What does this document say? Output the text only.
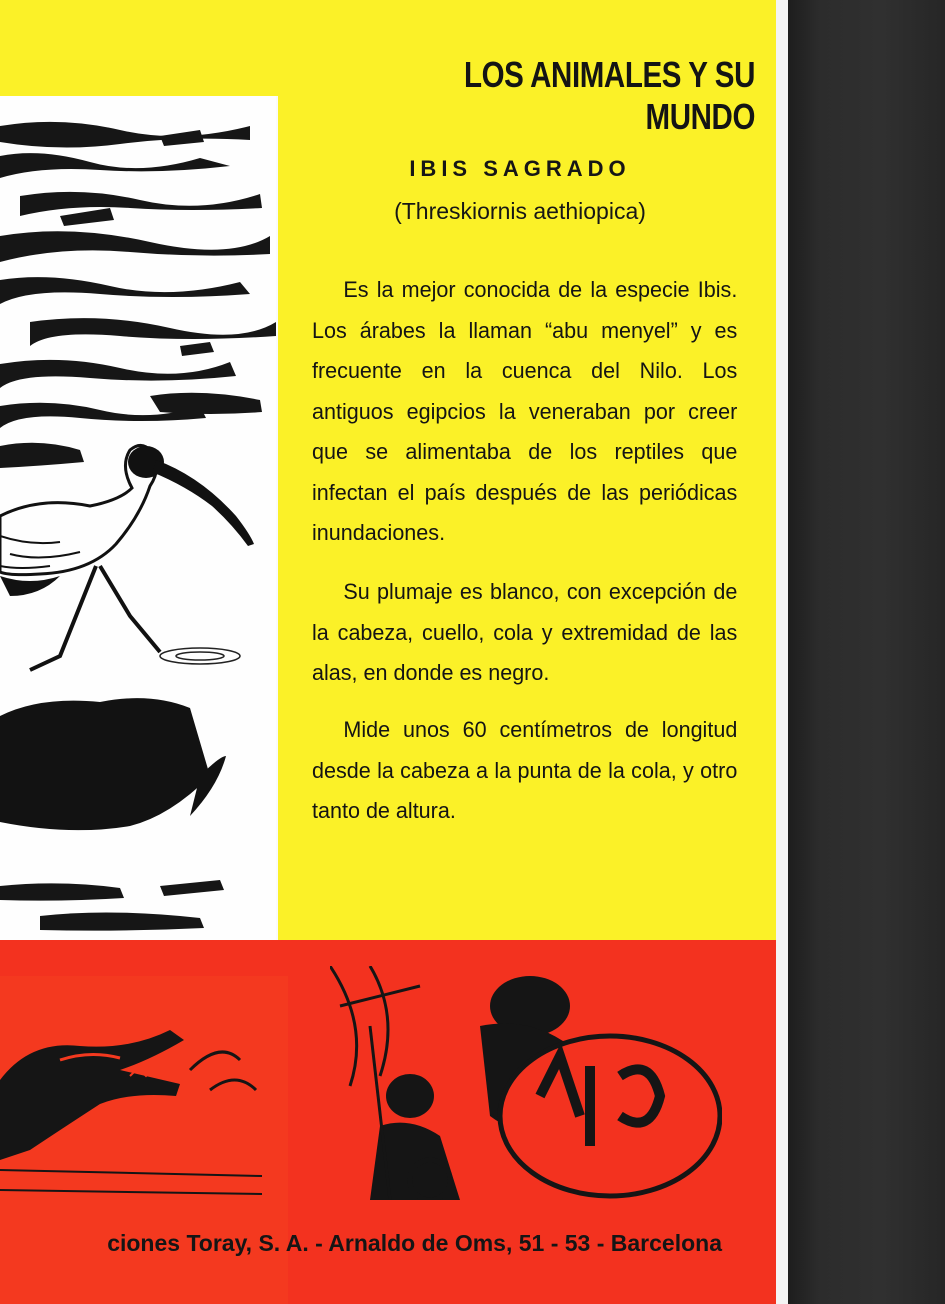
LOS ANIMALES Y SU MUNDO
IBIS SAGRADO
(Threskiornis aethiopica)

Es la mejor conocida de la especie Ibis. Los árabes la llaman “abu menyel” y es frecuente en la cuenca del Nilo. Los antiguos egipcios la veneraban por creer que se alimentaba de los reptiles que infectan el país después de las periódicas inundaciones.

Su plumaje es blanco, con excepción de la cabeza, cuello, cola y extremidad de las alas, en donde es negro.

Mide unos 60 centímetros de longitud desde la cabeza a la punta de la cola, y otro tanto de altura.

ciones Toray, S. A. - Arnaldo de Oms, 51 - 53 - Barcelona
